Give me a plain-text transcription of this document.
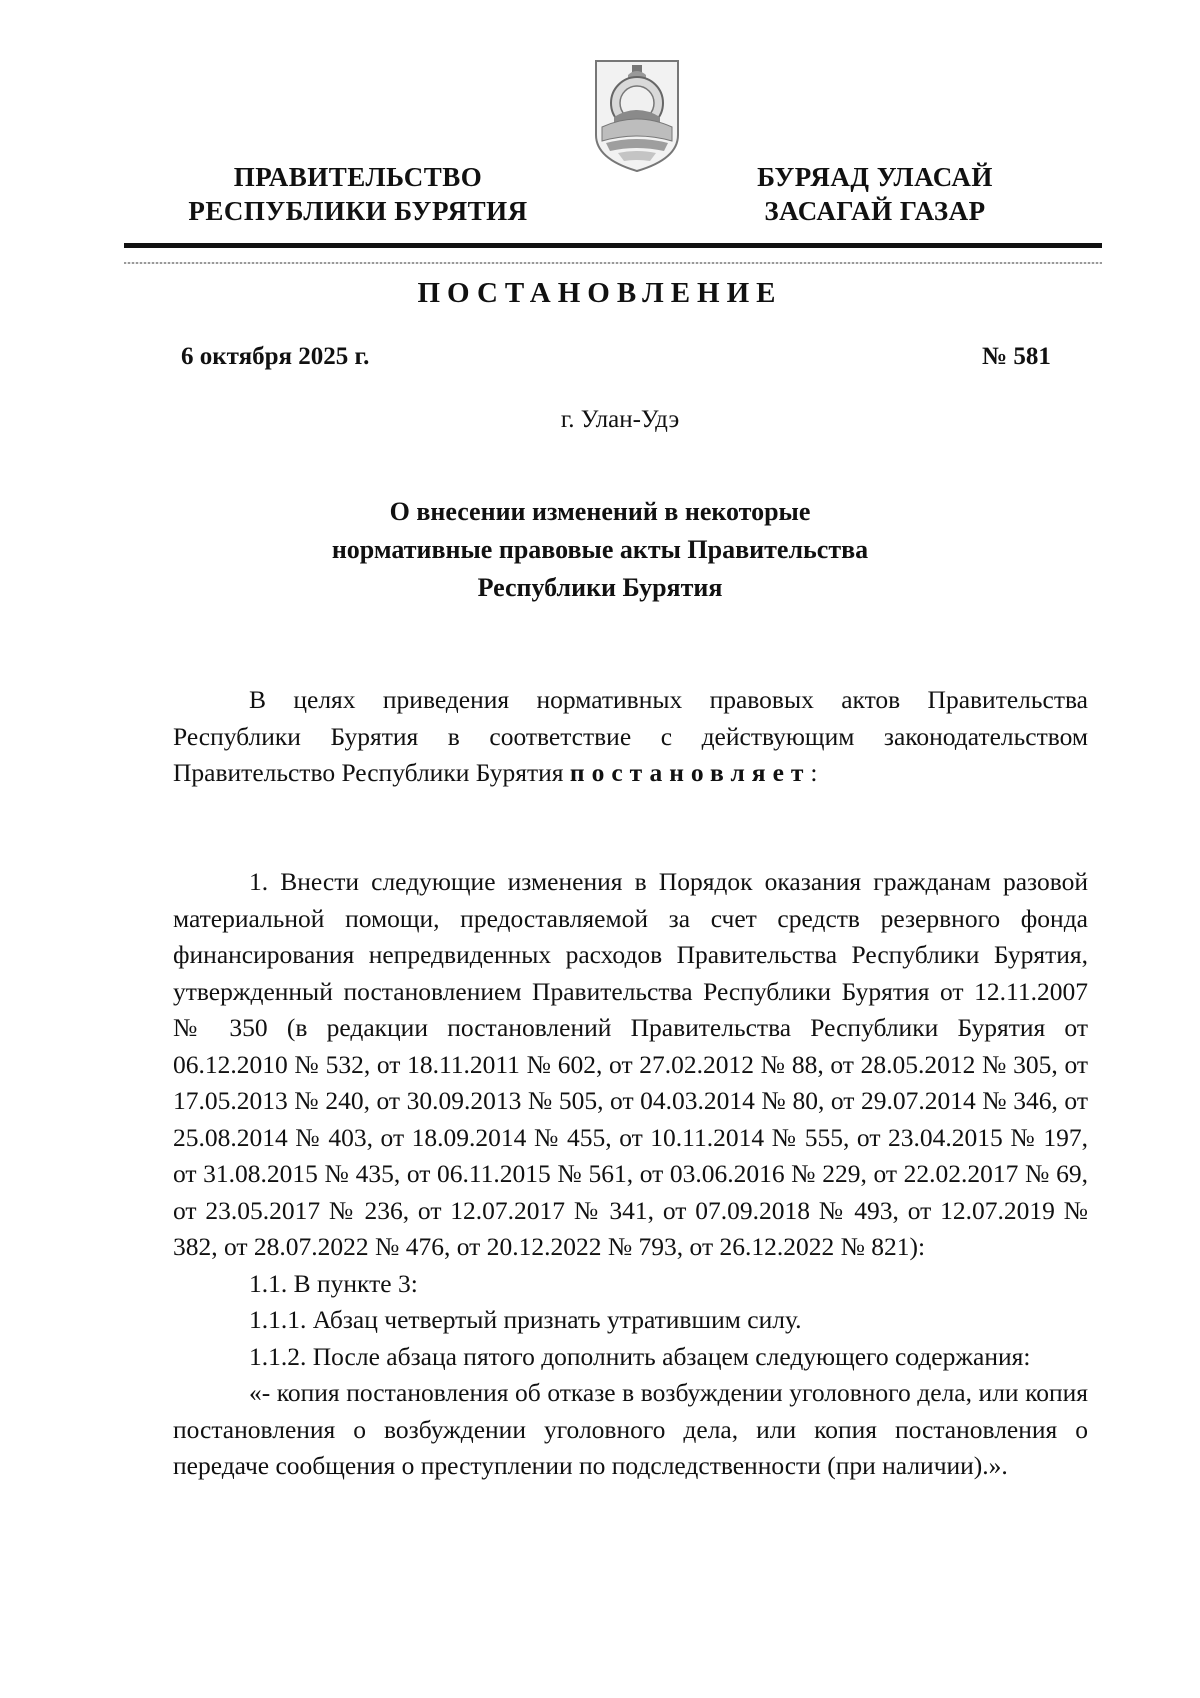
ПРАВИТЕЛЬСТВО
РЕСПУБЛИКИ БУРЯТИЯ
БУРЯАД УЛАСАЙ
ЗАСАГАЙ ГАЗАР
ПОСТАНОВЛЕНИЕ
6 октября 2025 г.	№ 581
г. Улан-Удэ
О внесении изменений в некоторые
нормативные правовые акты Правительства
Республики Бурятия

В целях приведения нормативных правовых актов Правительства Республики Бурятия в соответствие с действующим законодательством Правительство Республики Бурятия постановляет:

1. Внести следующие изменения в Порядок оказания гражданам разовой материальной помощи, предоставляемой за счет средств резервного фонда финансирования непредвиденных расходов Правительства Республики Бурятия, утвержденный постановлением Правительства Республики Бурятия от 12.11.2007 № 350 (в редакции постановлений Правительства Республики Бурятия от 06.12.2010 № 532, от 18.11.2011 № 602, от 27.02.2012 № 88, от 28.05.2012 № 305, от 17.05.2013 № 240, от 30.09.2013 № 505, от 04.03.2014 № 80, от 29.07.2014 № 346, от 25.08.2014 № 403, от 18.09.2014 № 455, от 10.11.2014 № 555, от 23.04.2015 № 197, от 31.08.2015 № 435, от 06.11.2015 № 561, от 03.06.2016 № 229, от 22.02.2017 № 69, от 23.05.2017 № 236, от 12.07.2017 № 341, от 07.09.2018 № 493, от 12.07.2019 № 382, от 28.07.2022 № 476, от 20.12.2022 № 793, от 26.12.2022 № 821):

1.1. В пункте 3:

1.1.1. Абзац четвертый признать утратившим силу.

1.1.2. После абзаца пятого дополнить абзацем следующего содержания:

«- копия постановления об отказе в возбуждении уголовного дела, или копия постановления о возбуждении уголовного дела, или копия постановления о передаче сообщения о преступлении по подследственности (при наличии).».
